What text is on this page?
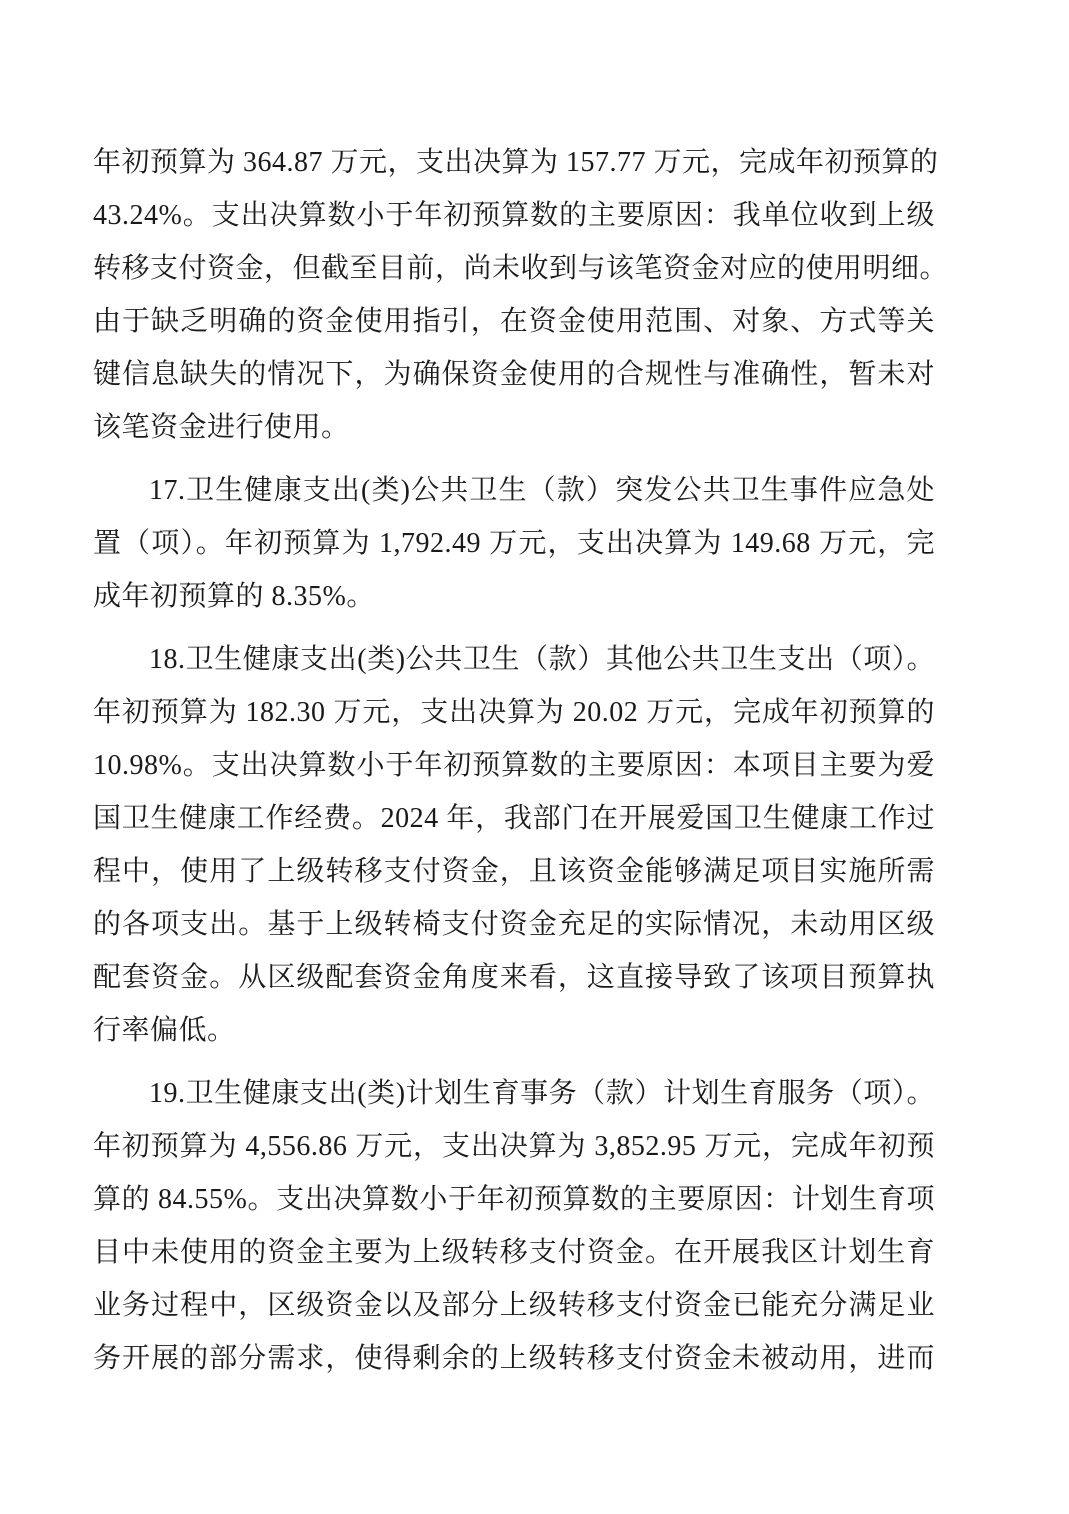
年初预算为 364.87 万元，支出决算为 157.77 万元，完成年初预算的
43.24%。支出决算数小于年初预算数的主要原因：我单位收到上级
转移支付资金，但截至目前，尚未收到与该笔资金对应的使用明细。
由于缺乏明确的资金使用指引，在资金使用范围、对象、方式等关
键信息缺失的情况下，为确保资金使用的合规性与准确性，暂未对
该笔资金进行使用。
17.卫生健康支出(类)公共卫生（款）突发公共卫生事件应急处
置（项）。年初预算为 1,792.49 万元，支出决算为 149.68 万元，完
成年初预算的 8.35%。
18.卫生健康支出(类)公共卫生（款）其他公共卫生支出（项）。
年初预算为 182.30 万元，支出决算为 20.02 万元，完成年初预算的
10.98%。支出决算数小于年初预算数的主要原因：本项目主要为爱
国卫生健康工作经费。2024 年，我部门在开展爱国卫生健康工作过
程中，使用了上级转移支付资金，且该资金能够满足项目实施所需
的各项支出。基于上级转椅支付资金充足的实际情况，未动用区级
配套资金。从区级配套资金角度来看，这直接导致了该项目预算执
行率偏低。
19.卫生健康支出(类)计划生育事务（款）计划生育服务（项）。
年初预算为 4,556.86 万元，支出决算为 3,852.95 万元，完成年初预
算的 84.55%。支出决算数小于年初预算数的主要原因：计划生育项
目中未使用的资金主要为上级转移支付资金。在开展我区计划生育
业务过程中，区级资金以及部分上级转移支付资金已能充分满足业
务开展的部分需求，使得剩余的上级转移支付资金未被动用，进而
